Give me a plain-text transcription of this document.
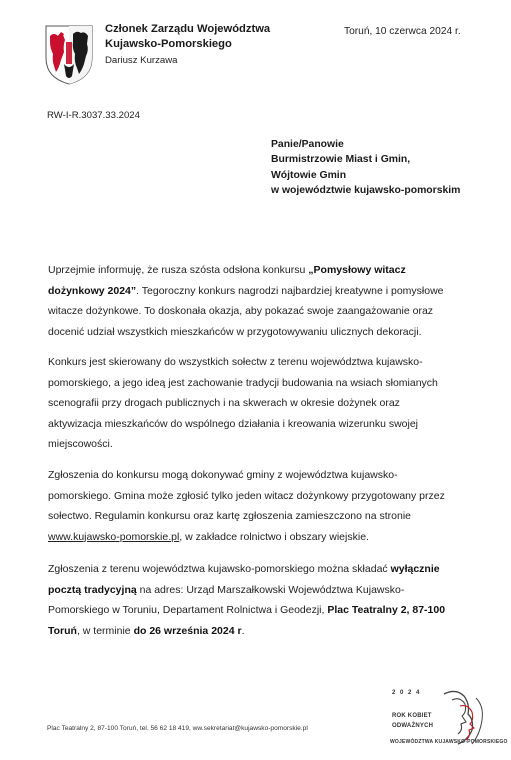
Członek Zarządu Województwa
Kujawsko-Pomorskiego
Dariusz Kurzawa
Toruń, 10 czerwca 2024 r.
RW-I-R.3037.33.2024
Panie/Panowie
Burmistrzowie Miast i Gmin,
Wójtowie Gmin
w województwie kujawsko-pomorskim
Uprzejmie informuję, że rusza szósta odsłona konkursu „Pomysłowy witacz
dożynkowy 2024”. Tegoroczny konkurs nagrodzi najbardziej kreatywne i pomysłowe
witacze dożynkowe. To doskonała okazja, aby pokazać swoje zaangażowanie oraz
docenić udział wszystkich mieszkańców w przygotowywaniu ulicznych dekoracji.
Konkurs jest skierowany do wszystkich sołectw z terenu województwa kujawsko-
pomorskiego, a jego ideą jest zachowanie tradycji budowania na wsiach słomianych
scenografii przy drogach publicznych i na skwerach w okresie dożynek oraz
aktywizacja mieszkańców do wspólnego działania i kreowania wizerunku swojej
miejscowości.
Zgłoszenia do konkursu mogą dokonywać gminy z województwa kujawsko-
pomorskiego. Gmina może zgłosić tylko jeden witacz dożynkowy przygotowany przez
sołectwo. Regulamin konkursu oraz kartę zgłoszenia zamieszczono na stronie
www.kujawsko-pomorskie.pl, w zakładce rolnictwo i obszary wiejskie.
Zgłoszenia z terenu województwa kujawsko-pomorskiego można składać wyłącznie
pocztą tradycyjną na adres: Urząd Marszałkowski Województwa Kujawsko-
Pomorskiego w Toruniu, Departament Rolnictwa i Geodezji, Plac Teatralny 2, 87-100
Toruń, w terminie do 26 września 2024 r.
Plac Teatralny 2, 87-100 Toruń, tel. 56 62 18 419, ww.sekretariat@kujawsko-pomorskie.pl
2 0 2 4
ROK KOBIET
ODWAŻNYCH
WOJEWÓDZTWA KUJAWSKO-POMORSKIEGO
